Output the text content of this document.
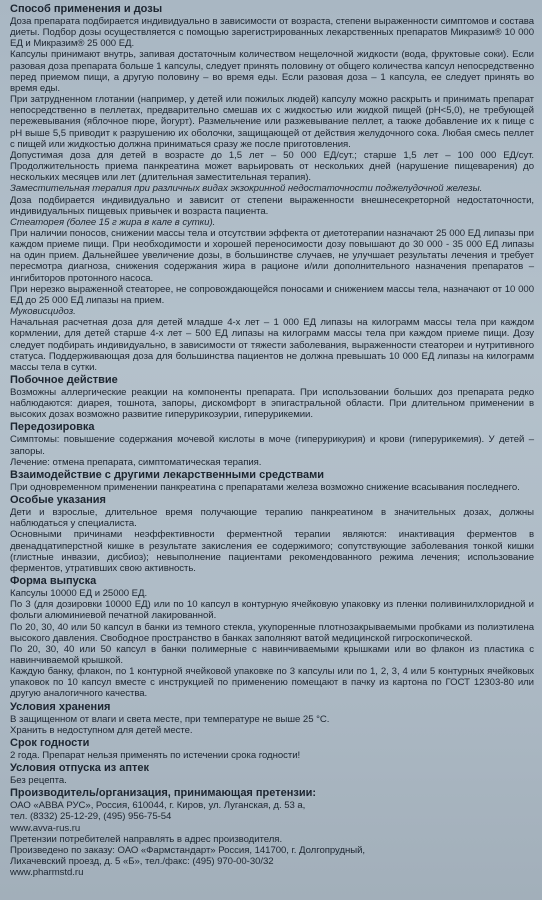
Способ применения и дозы
Доза препарата подбирается индивидуально в зависимости от возраста, степени выраженности симптомов и состава диеты. Подбор дозы осуществляется с помощью зарегистрированных лекарственных препаратов Микразим® 10 000 ЕД и Микразим® 25 000 ЕД.
Капсулы принимают внутрь, запивая достаточным количеством нещелочной жидкости (вода, фруктовые соки). Если разовая доза препарата больше 1 капсулы, следует принять половину от общего количества капсул непосредственно перед приемом пищи, а другую половину – во время еды. Если разовая доза – 1 капсула, ее следует принять во время еды.
При затрудненном глотании (например, у детей или пожилых людей) капсулу можно раскрыть и принимать препарат непосредственно в пеллетах, предварительно смешав их с жидкостью или жидкой пищей (pH<5,0), не требующей пережевывания (яблочное пюре, йогурт). Размельчение или разжевывание пеллет, а также добавление их к пище с pH выше 5,5 приводит к разрушению их оболочки, защищающей от действия желудочного сока. Любая смесь пеллет с пищей или жидкостью должна приниматься сразу же после приготовления.
Допустимая доза для детей в возрасте до 1,5 лет – 50 000 ЕД/сут.; старше 1,5 лет – 100 000 ЕД/сут. Продолжительность приема панкреатина может варьировать от нескольких дней (нарушение пищеварения) до нескольких месяцев или лет (длительная заместительная терапия).
Заместительная терапия при различных видах экзокринной недостаточности поджелудочной железы.
Доза подбирается индивидуально и зависит от степени выраженности внешнесекреторной недостаточности, индивидуальных пищевых привычек и возраста пациента.
Стеаторея (более 15 г жира в кале в сутки).
При наличии поносов, снижении массы тела и отсутствии эффекта от диетотерапии назначают 25 000 ЕД липазы при каждом приеме пищи. При необходимости и хорошей переносимости дозу повышают до 30 000 - 35 000 ЕД липазы на один прием. Дальнейшее увеличение дозы, в большинстве случаев, не улучшает результаты лечения и требует пересмотра диагноза, снижения содержания жира в рационе и/или дополнительного назначения препаратов – ингибиторов протонного насоса.
При нерезко выраженной стеаторее, не сопровождающейся поносами и снижением массы тела, назначают от 10 000 ЕД до 25 000 ЕД липазы на прием.
Муковисцидоз.
Начальная расчетная доза для детей младше 4-х лет – 1 000 ЕД липазы на килограмм массы тела при каждом кормлении, для детей старше 4-х лет – 500 ЕД липазы на килограмм массы тела при каждом приеме пищи. Дозу следует подбирать индивидуально, в зависимости от тяжести заболевания, выраженности стеатореи и нутритивного статуса. Поддерживающая доза для большинства пациентов не должна превышать 10 000 ЕД липазы на килограмм массы тела в сутки.
Побочное действие
Возможны аллергические реакции на компоненты препарата. При использовании больших доз препарата редко наблюдаются: диарея, тошнота, запоры, дискомфорт в эпигастральной области. При длительном применении в высоких дозах возможно развитие гиперурикозурии, гиперурикемии.
Передозировка
Симптомы: повышение содержания мочевой кислоты в моче (гиперурикурия) и крови (гиперурикемия). У детей – запоры.
Лечение: отмена препарата, симптоматическая терапия.
Взаимодействие с другими лекарственными средствами
При одновременном применении панкреатина с препаратами железа возможно снижение всасывания последнего.
Особые указания
Дети и взрослые, длительное время получающие терапию панкреатином в значительных дозах, должны наблюдаться у специалиста.
Основными причинами неэффективности ферментной терапии являются: инактивация ферментов в двенадцатиперстной кишке в результате закисления ее содержимого; сопутствующие заболевания тонкой кишки (глистные инвазии, дисбиоз); невыполнение пациентами рекомендованного режима лечения; использование ферментов, утративших свою активность.
Форма выпуска
Капсулы 10000 ЕД и 25000 ЕД.
По 3 (для дозировки 10000 ЕД) или по 10 капсул в контурную ячейковую упаковку из пленки поливинилхлоридной и фольги алюминиевой печатной лакированной.
По 20, 30, 40 или 50 капсул в банки из темного стекла, укупоренные плотнозакрываемыми пробками из полиэтилена высокого давления. Свободное пространство в банках заполняют ватой медицинской гигроскопической.
По 20, 30, 40 или 50 капсул в банки полимерные с навинчиваемыми крышками или во флакон из пластика с навинчиваемой крышкой.
Каждую банку, флакон, по 1 контурной ячейковой упаковке по 3 капсулы или по 1, 2, 3, 4 или 5 контурных ячейковых упаковок по 10 капсул вместе с инструкцией по применению помещают в пачку из картона по ГОСТ 12303-80 или другую аналогичного качества.
Условия хранения
В защищенном от влаги и света месте, при температуре не выше 25 °С.
Хранить в недоступном для детей месте.
Срок годности
2 года. Препарат нельзя применять по истечении срока годности!
Условия отпуска из аптек
Без рецепта.
Производитель/организация, принимающая претензии:
ОАО «АВВА РУС», Россия, 610044, г. Киров, ул. Луганская, д. 53 а,
тел. (8332) 25-12-29, (495) 956-75-54
www.avva-rus.ru
Претензии потребителей направлять в адрес производителя.
Произведено по заказу: ОАО «Фармстандарт» Россия, 141700, г. Долгопрудный,
Лихачевский проезд, д. 5 «Б», тел./факс: (495) 970-00-30/32
www.pharmstd.ru
